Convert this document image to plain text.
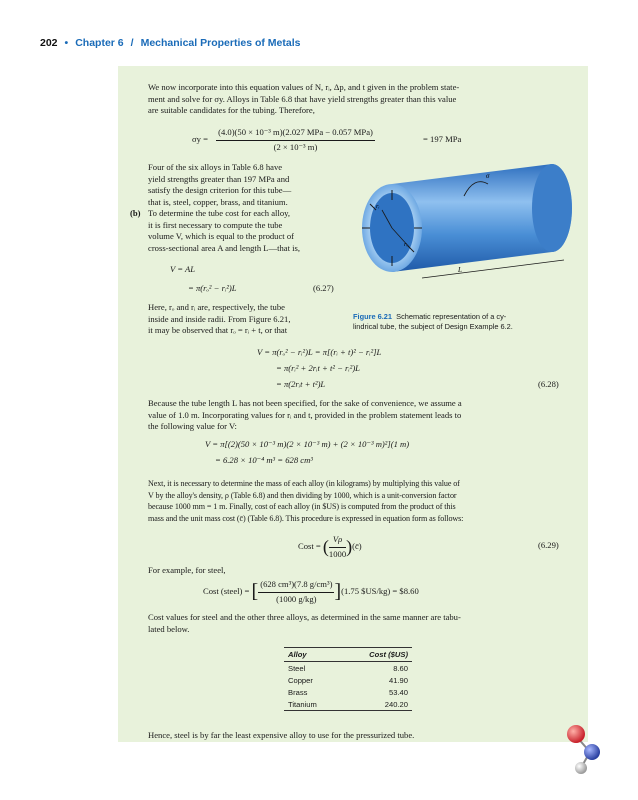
202 • Chapter 6 / Mechanical Properties of Metals
We now incorporate into this equation values of N, rᵢ, Δp, and t given in the problem state-
ment and solve for σy. Alloys in Table 6.8 that have yield strengths greater than this value
are suitable candidates for the tubing. Therefore,
$\sigma y = \frac{\text{(4.0)(50 × 10⁻³ m)(2.027 MPa − 0.057 MPa)}}{\text{(2 × 10⁻³ m)}}$	= 197 MPa
Four of the six alloys in Table 6.8 have
yield strengths greater than 197 MPa and
satisfy the design criterion for this tube—
that is, steel, copper, brass, and titanium.
(b) To determine the tube cost for each alloy,
it is first necessary to compute the tube
volume V, which is equal to the product of
cross-sectional area A and length L—that is,
V = AL
= π(rₒ² − rᵢ²)L	(6.27)
Here, rₒ and rᵢ are, respectively, the tube
inside and inside radii. From Figure 6.21,
it may be observed that rₒ = rᵢ + t, or that
σ
rᵢ
rₒ
L
Figure 6.21 Schematic representation of a cy-
lindrical tube, the subject of Design Example 6.2.
V = π(rₒ² − rᵢ²)L = π[(rᵢ + t)² − rᵢ²]L
= π(rᵢ² + 2rᵢt + t² − rᵢ²)L
= π(2rᵢt + t²)L	(6.28)
Because the tube length L has not been specified, for the sake of convenience, we assume a
value of 1.0 m. Incorporating values for rᵢ and t, provided in the problem statement leads to
the following value for V:
V = π[(2)(50 × 10⁻³ m)(2 × 10⁻³ m) + (2 × 10⁻³ m)²](1 m)
= 6.28 × 10⁻⁴ m³ = 628 cm³
Next, it is necessary to determine the mass of each alloy (in kilograms) by multiplying this value of
V by the alloy's density, ρ (Table 6.8) and then dividing by 1000, which is a unit-conversion factor
because 1000 mm = 1 m. Finally, cost of each alloy (in $US) is computed from the product of this
mass and the unit mass cost (c̄) (Table 6.8). This procedure is expressed in equation form as follows:
Cost = ( $\frac{V\rho}{1000}$ )(c̄)	(6.29)
For example, for steel,
Cost (steel) = [ $\frac{\text{(628 cm³)(7.8 g/cm³)}}{(1000 g/kg)} ](1.75$ $US/kg) = $8.60
Cost values for steel and the other three alloys, as determined in the same manner are tabu-
lated below.
Alloy	Cost ($US)
Steel	8.60
Copper	41.90
Brass	53.40
Titanium	240.20
Hence, steel is by far the least expensive alloy to use for the pressurized tube.
